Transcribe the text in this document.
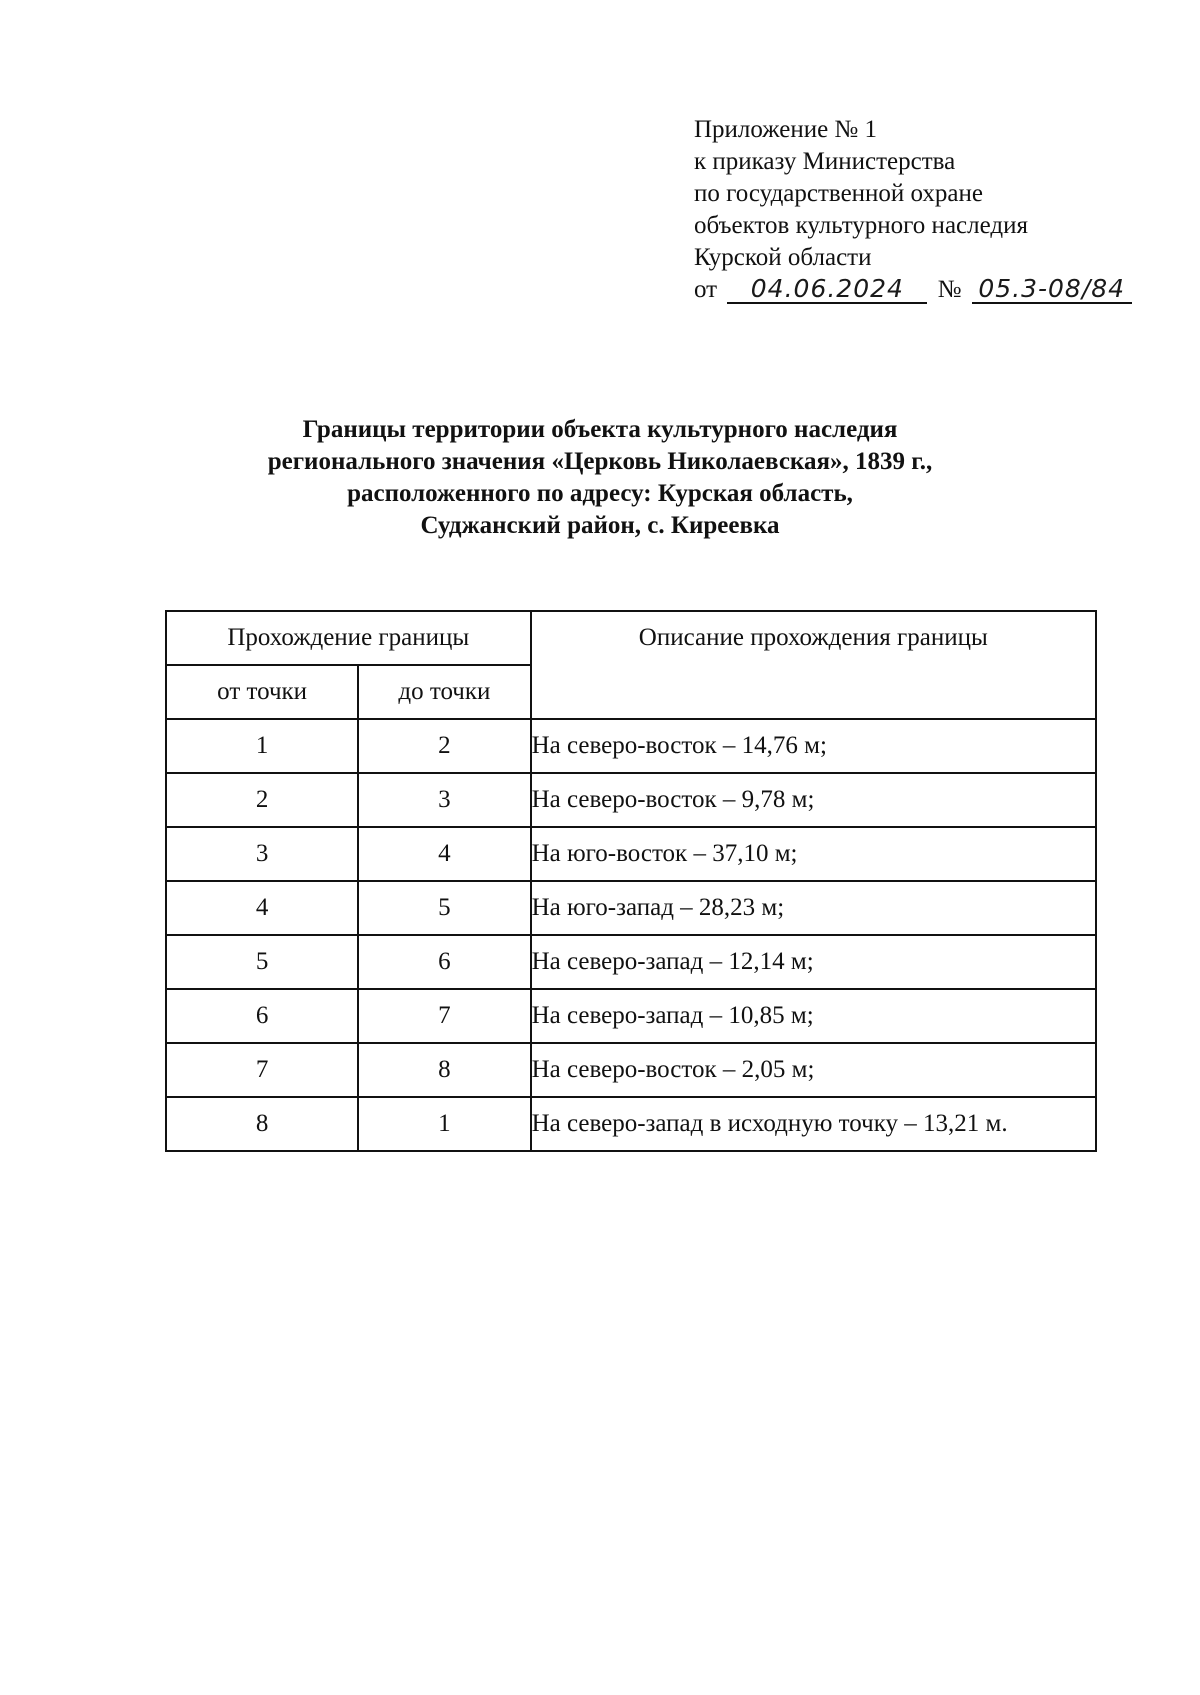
Приложение № 1
к приказу Министерства
по государственной охране
объектов культурного наследия
Курской области
от 04.06.2024 № 05.3-08/84
Границы территории объекта культурного наследия
регионального значения «Церковь Николаевская», 1839 г.,
расположенного по адресу: Курская область,
Суджанский район, с. Киреевка
Прохождение границы		Описание прохождения границы
от точки	до точки	
1	2	На северо-восток – 14,76 м;
2	3	На северо-восток – 9,78 м;
3	4	На юго-восток – 37,10 м;
4	5	На юго-запад – 28,23 м;
5	6	На северо-запад – 12,14 м;
6	7	На северо-запад – 10,85 м;
7	8	На северо-восток – 2,05 м;
8	1	На северо-запад в исходную точку – 13,21 м.
